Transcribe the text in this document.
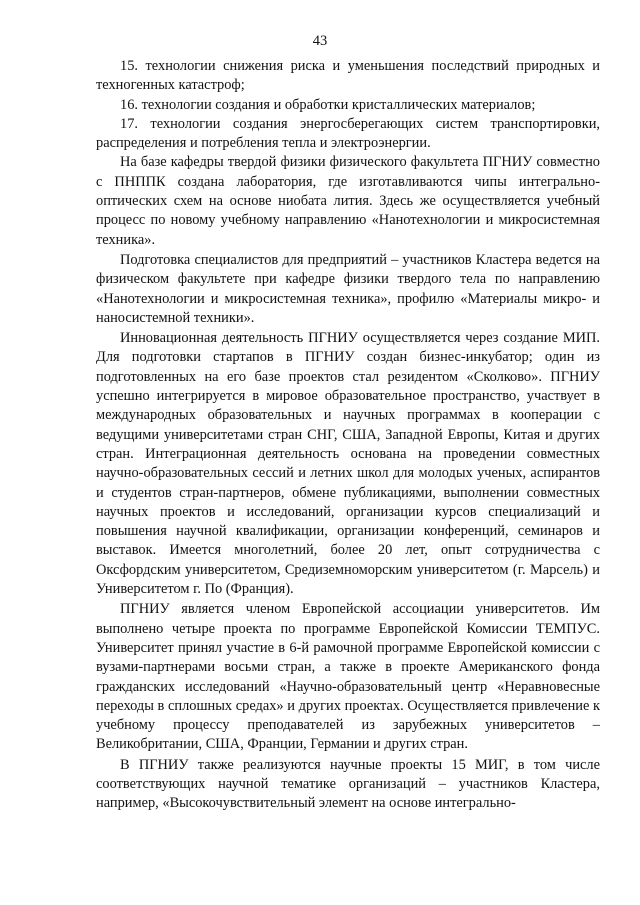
43

15. технологии снижения риска и уменьшения последствий природных и техногенных катастроф;

16. технологии создания и обработки кристаллических материалов;

17. технологии создания энергосберегающих систем транспортировки, распределения и потребления тепла и электроэнергии.

На базе кафедры твердой физики физического факультета ПГНИУ совместно с ПНППК создана лаборатория, где изготавливаются чипы интегрально-оптических схем на основе ниобата лития. Здесь же осуществляется учебный процесс по новому учебному направлению «Нанотехнологии и микросистемная техника».

Подготовка специалистов для предприятий – участников Кластера ведется на физическом факультете при кафедре физики твердого тела по направлению «Нанотехнологии и микросистемная техника», профилю «Материалы микро- и наносистемной техники».

Инновационная деятельность ПГНИУ осуществляется через создание МИП. Для подготовки стартапов в ПГНИУ создан бизнес-инкубатор; один из подготовленных на его базе проектов стал резидентом «Сколково». ПГНИУ успешно интегрируется в мировое образовательное пространство, участвует в международных образовательных и научных программах в кооперации с ведущими университетами стран СНГ, США, Западной Европы, Китая и других стран. Интеграционная деятельность основана на проведении совместных научно-образовательных сессий и летних школ для молодых ученых, аспирантов и студентов стран-партнеров, обмене публикациями, выполнении совместных научных проектов и исследований, организации курсов специализаций и повышения научной квалификации, организации конференций, семинаров и выставок. Имеется многолетний, более 20 лет, опыт сотрудничества с Оксфордским университетом, Средиземноморским университетом (г. Марсель) и Университетом г. По (Франция).

ПГНИУ является членом Европейской ассоциации университетов. Им выполнено четыре проекта по программе Европейской Комиссии ТЕМПУС. Университет принял участие в 6-й рамочной программе Европейской комиссии с вузами-партнерами восьми стран, а также в проекте Американского фонда гражданских исследований «Научно-образовательный центр «Неравновесные переходы в сплошных средах» и других проектах. Осуществляется привлечение к учебному процессу преподавателей из зарубежных университетов – Великобритании, США, Франции, Германии и других стран.

В ПГНИУ также реализуются научные проекты 15 МИГ, в том числе соответствующих научной тематике организаций – участников Кластера, например, «Высокочувствительный элемент на основе интегрально-
